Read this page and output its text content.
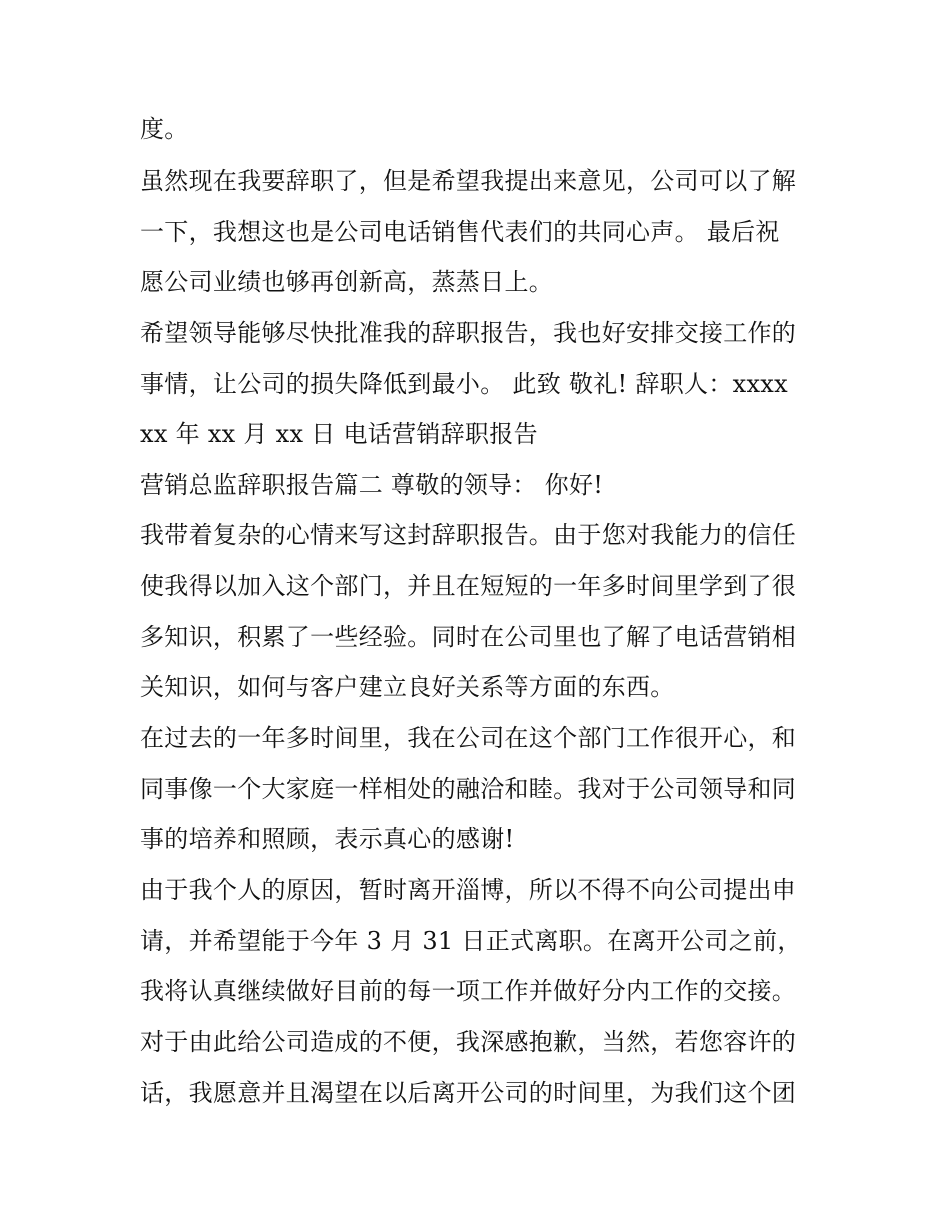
度。
虽然现在我要辞职了，但是希望我提出来意见，公司可以了解
一下，我想这也是公司电话销售代表们的共同心声。 最后祝
愿公司业绩也够再创新高，蒸蒸日上。
希望领导能够尽快批准我的辞职报告，我也好安排交接工作的
事情，让公司的损失降低到最小。 此致 敬礼! 辞职人：xxxx
xx 年 xx 月 xx 日 电话营销辞职报告
营销总监辞职报告篇二 尊敬的领导： 你好!
我带着复杂的心情来写这封辞职报告。由于您对我能力的信任
使我得以加入这个部门，并且在短短的一年多时间里学到了很
多知识，积累了一些经验。同时在公司里也了解了电话营销相
关知识，如何与客户建立良好关系等方面的东西。
在过去的一年多时间里，我在公司在这个部门工作很开心，和
同事像一个大家庭一样相处的融洽和睦。我对于公司领导和同
事的培养和照顾，表示真心的感谢!
由于我个人的原因，暂时离开淄博，所以不得不向公司提出申
请，并希望能于今年 3 月 31 日正式离职。在离开公司之前，
我将认真继续做好目前的每一项工作并做好分内工作的交接。
对于由此给公司造成的不便，我深感抱歉，当然，若您容许的
话，我愿意并且渴望在以后离开公司的时间里，为我们这个团
